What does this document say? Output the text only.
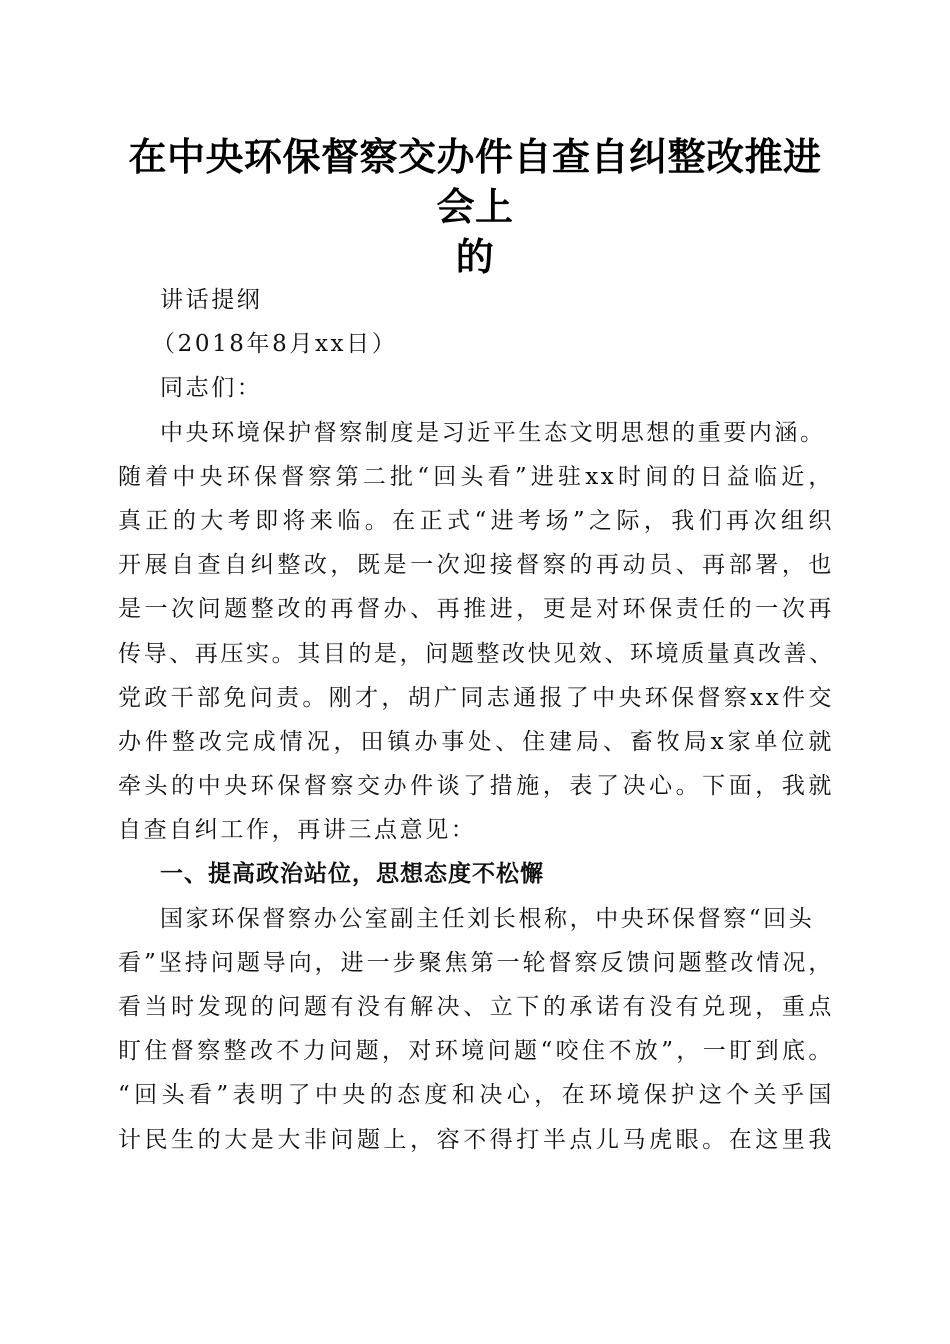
在中央环保督察交办件自查自纠整改推进会上
的
讲话提纲
（2018年8月xx日）
同志们：
中央环境保护督察制度是习近平生态文明思想的重要内涵。
随着中央环保督察第二批“回头看”进驻xx时间的日益临近，
真正的大考即将来临。在正式“进考场”之际，我们再次组织
开展自查自纠整改，既是一次迎接督察的再动员、再部署，也
是一次问题整改的再督办、再推进，更是对环保责任的一次再
传导、再压实。其目的是，问题整改快见效、环境质量真改善、
党政干部免问责。刚才，胡广同志通报了中央环保督察xx件交
办件整改完成情况，田镇办事处、住建局、畜牧局x家单位就
牵头的中央环保督察交办件谈了措施，表了决心。下面，我就
自查自纠工作，再讲三点意见：
一、提高政治站位，思想态度不松懈
国家环保督察办公室副主任刘长根称，中央环保督察“回头
看”坚持问题导向，进一步聚焦第一轮督察反馈问题整改情况，
看当时发现的问题有没有解决、立下的承诺有没有兑现，重点
盯住督察整改不力问题，对环境问题“咬住不放”，一盯到底。
“回头看”表明了中央的态度和决心，在环境保护这个关乎国
计民生的大是大非问题上，容不得打半点儿马虎眼。在这里我
